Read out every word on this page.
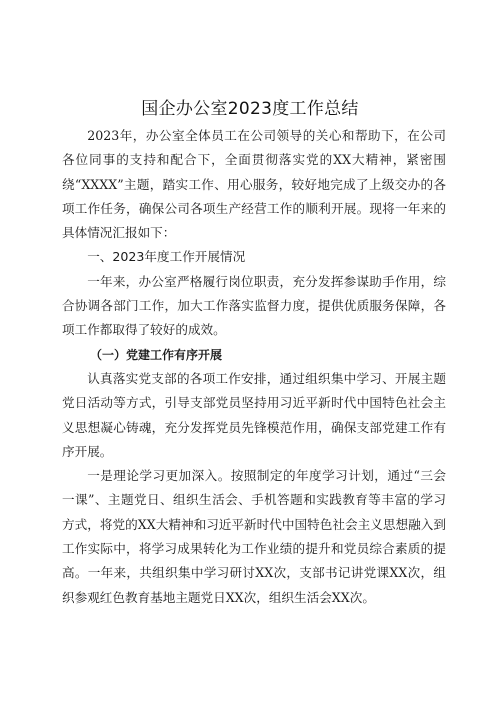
国企办公室2023度工作总结

2023年，办公室全体员工在公司领导的关心和帮助下，在公司各位同事的支持和配合下，全面贯彻落实党的XX大精神，紧密围绕“XXXX”主题，踏实工作、用心服务，较好地完成了上级交办的各项工作任务，确保公司各项生产经营工作的顺利开展。现将一年来的具体情况汇报如下：

一、2023年度工作开展情况

一年来，办公室严格履行岗位职责，充分发挥参谋助手作用，综合协调各部门工作，加大工作落实监督力度，提供优质服务保障，各项工作都取得了较好的成效。

（一）党建工作有序开展

认真落实党支部的各项工作安排，通过组织集中学习、开展主题党日活动等方式，引导支部党员坚持用习近平新时代中国特色社会主义思想凝心铸魂，充分发挥党员先锋模范作用，确保支部党建工作有序开展。

一是理论学习更加深入。按照制定的年度学习计划，通过“三会一课”、主题党日、组织生活会、手机答题和实践教育等丰富的学习方式，将党的XX大精神和习近平新时代中国特色社会主义思想融入到工作实际中，将学习成果转化为工作业绩的提升和党员综合素质的提高。一年来，共组织集中学习研讨XX次，支部书记讲党课XX次，组织参观红色教育基地主题党日XX次，组织生活会XX次。
